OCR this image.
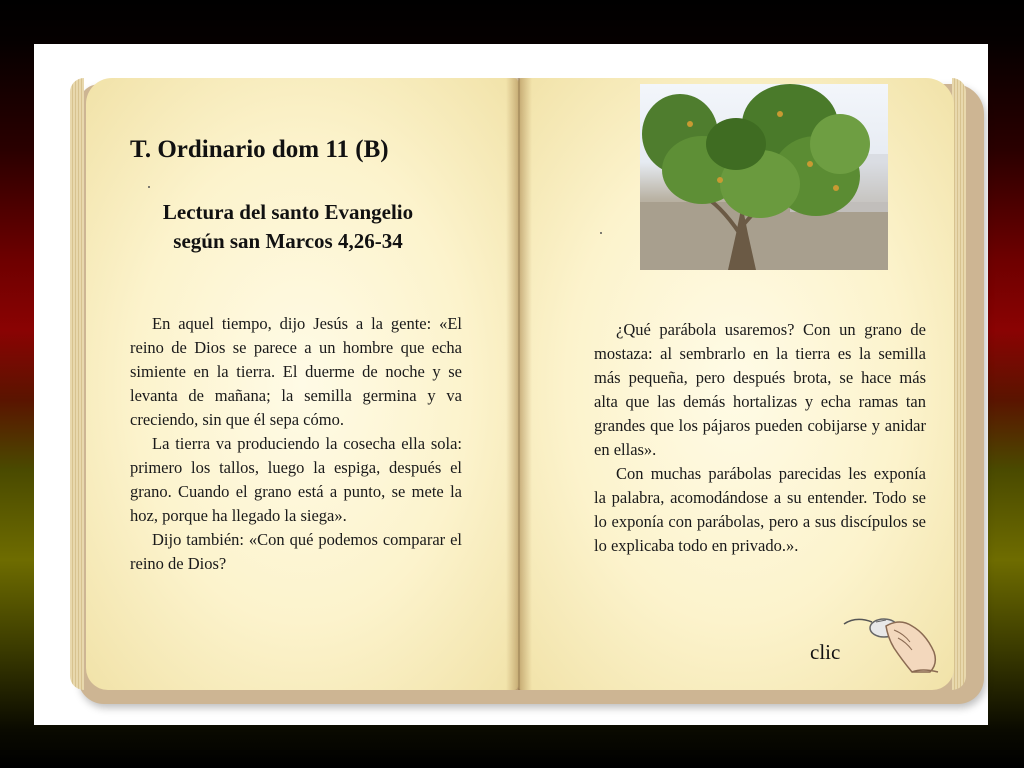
T. Ordinario dom 11 (B)
Lectura del santo Evangelio
según san Marcos 4,26-34

En aquel tiempo, dijo Jesús a la gente: «El reino de Dios se parece a un hombre que echa simiente en la tierra. El duerme de noche y se levanta de mañana; la semilla germina y va creciendo, sin que él sepa cómo.

La tierra va produciendo la cosecha ella sola: primero los tallos, luego la espiga, después el grano. Cuando el grano está a punto, se mete la hoz, porque ha llegado la siega».

Dijo también: «Con qué podemos comparar el reino de Dios?

¿Qué parábola usaremos? Con un grano de mostaza: al sembrarlo en la tierra es la semilla más pequeña, pero después brota, se hace más alta que las demás hortalizas y echa ramas tan grandes que los pájaros pueden cobijarse y anidar en ellas».

Con muchas parábolas parecidas les exponía la palabra, acomodándose a su entender. Todo se lo exponía con parábolas, pero a sus discípulos se lo explicaba todo en privado.».

clic
